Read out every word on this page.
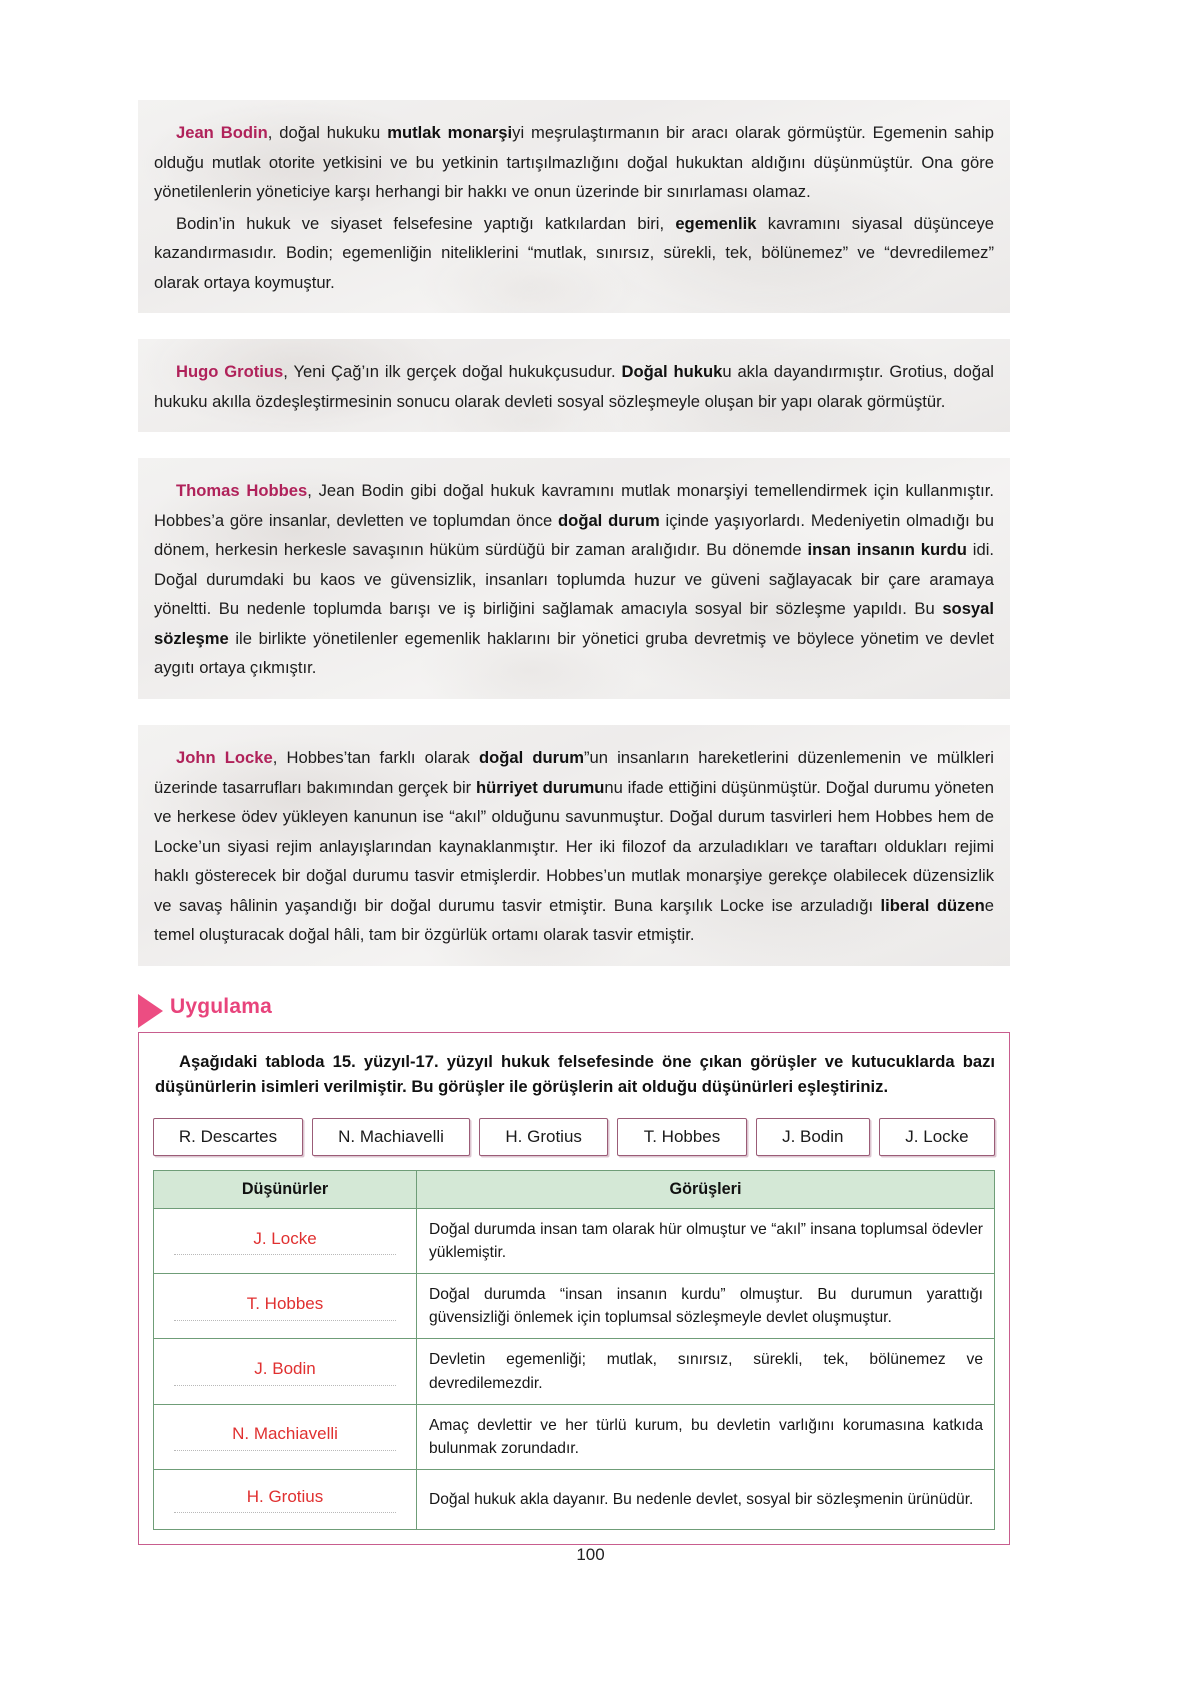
Jean Bodin, doğal hukuku mutlak monarşiyi meşrulaştırmanın bir aracı olarak görmüştür. Egemenin sahip olduğu mutlak otorite yetkisini ve bu yetkinin tartışılmazlığını doğal hukuktan aldığını düşünmüştür. Ona göre yönetilenlerin yöneticiye karşı herhangi bir hakkı ve onun üzerinde bir sınırlaması olamaz.

Bodin’in hukuk ve siyaset felsefesine yaptığı katkılardan biri, egemenlik kavramını siyasal düşünceye kazandırmasıdır. Bodin; egemenliğin niteliklerini “mutlak, sınırsız, sürekli, tek, bölünemez” ve “devredilemez” olarak ortaya koymuştur.

Hugo Grotius, Yeni Çağ’ın ilk gerçek doğal hukukçusudur. Doğal hukuku akla dayandırmıştır. Grotius, doğal hukuku akılla özdeşleştirmesinin sonucu olarak devleti sosyal sözleşmeyle oluşan bir yapı olarak görmüştür.

Thomas Hobbes, Jean Bodin gibi doğal hukuk kavramını mutlak monarşiyi temellendirmek için kullanmıştır. Hobbes’a göre insanlar, devletten ve toplumdan önce doğal durum içinde yaşıyorlardı. Medeniyetin olmadığı bu dönem, herkesin herkesle savaşının hüküm sürdüğü bir zaman aralığıdır. Bu dönemde insan insanın kurdu idi. Doğal durumdaki bu kaos ve güvensizlik, insanları toplumda huzur ve güveni sağlayacak bir çare aramaya yöneltti. Bu nedenle toplumda barışı ve iş birliğini sağlamak amacıyla sosyal bir sözleşme yapıldı. Bu sosyal sözleşme ile birlikte yönetilenler egemenlik haklarını bir yönetici gruba devretmiş ve böylece yönetim ve devlet aygıtı ortaya çıkmıştır.

John Locke, Hobbes’tan farklı olarak doğal durum”un insanların hareketlerini düzenlemenin ve mülkleri üzerinde tasarrufları bakımından gerçek bir hürriyet durumunu ifade ettiğini düşünmüştür. Doğal durumu yöneten ve herkese ödev yükleyen kanunun ise “akıl” olduğunu savunmuştur. Doğal durum tasvirleri hem Hobbes hem de Locke’un siyasi rejim anlayışlarından kaynaklanmıştır. Her iki filozof da arzuladıkları ve taraftarı oldukları rejimi haklı gösterecek bir doğal durumu tasvir etmişlerdir. Hobbes’un mutlak monarşiye gerekçe olabilecek düzensizlik ve savaş hâlinin yaşandığı bir doğal durumu tasvir etmiştir. Buna karşılık Locke ise arzuladığı liberal düzene temel oluşturacak doğal hâli, tam bir özgürlük ortamı olarak tasvir etmiştir.

Uygulama

Aşağıdaki tabloda 15. yüzyıl-17. yüzyıl hukuk felsefesinde öne çıkan görüşler ve kutucuklarda bazı düşünürlerin isimleri verilmiştir. Bu görüşler ile görüşlerin ait olduğu düşünürleri eşleştiriniz.

R. Descartes	N. Machiavelli	H. Grotius	T. Hobbes	J. Bodin	J. Locke
Düşünürler	Görüşleri

J. Locke	Doğal durumda insan tam olarak hür olmuştur ve “akıl” insana toplumsal ödevler yüklemiştir.

T. Hobbes	Doğal durumda “insan insanın kurdu” olmuştur. Bu durumun yarattığı güvensizliği önlemek için toplumsal sözleşmeyle devlet oluşmuştur.

J. Bodin	Devletin egemenliği; mutlak, sınırsız, sürekli, tek, bölünemez ve devredilemezdir.

N. Machiavelli	Amaç devlettir ve her türlü kurum, bu devletin varlığını korumasına katkıda bulunmak zorundadır.

H. Grotius	Doğal hukuk akla dayanır. Bu nedenle devlet, sosyal bir sözleşmenin ürünüdür.
100
